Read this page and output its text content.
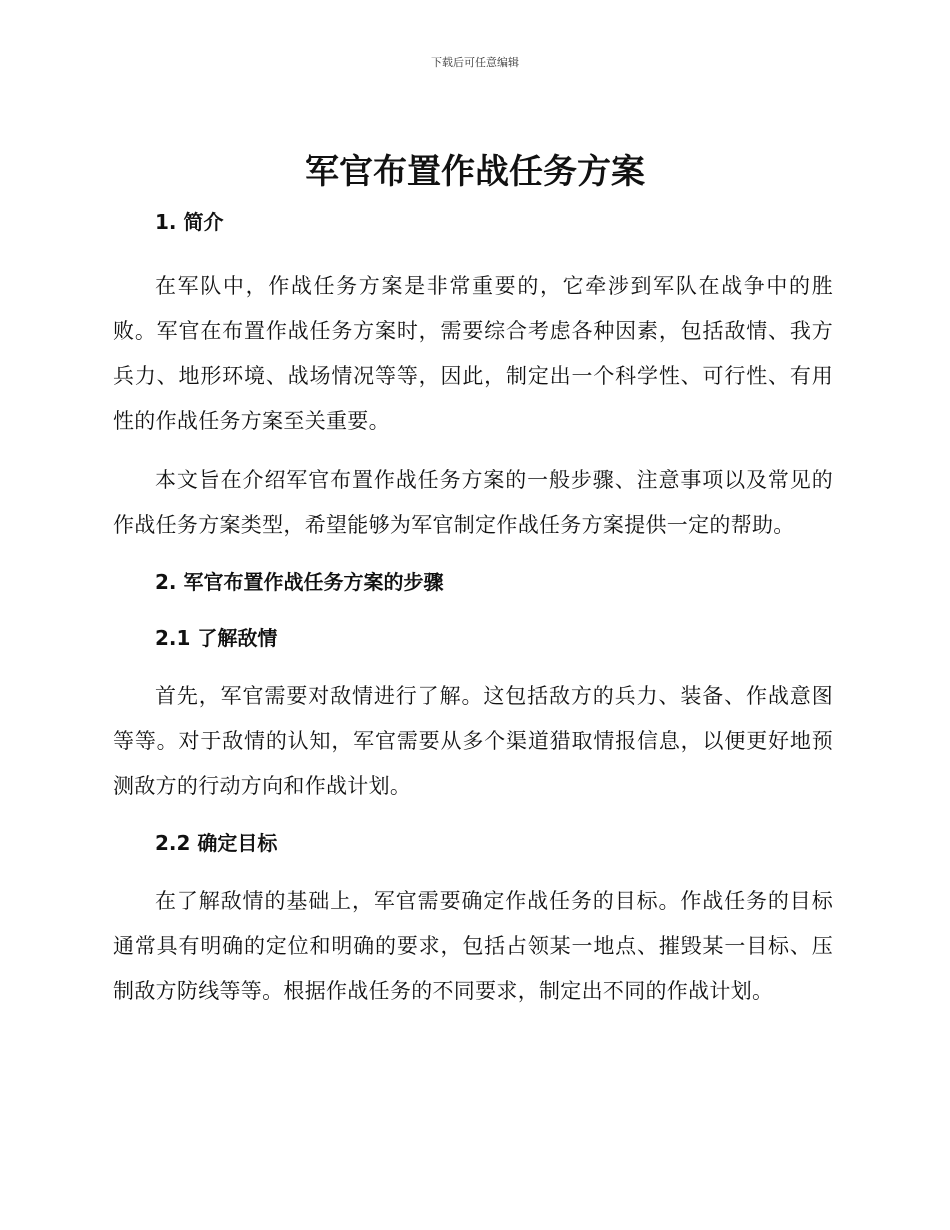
下载后可任意编辑
军官布置作战任务方案
1. 简介

在军队中，作战任务方案是非常重要的，它牵涉到军队在战争中的胜败。军官在布置作战任务方案时，需要综合考虑各种因素，包括敌情、我方兵力、地形环境、战场情况等等，因此，制定出一个科学性、可行性、有用性的作战任务方案至关重要。

本文旨在介绍军官布置作战任务方案的一般步骤、注意事项以及常见的作战任务方案类型，希望能够为军官制定作战任务方案提供一定的帮助。

2. 军官布置作战任务方案的步骤
2.1 了解敌情

首先，军官需要对敌情进行了解。这包括敌方的兵力、装备、作战意图等等。对于敌情的认知，军官需要从多个渠道猎取情报信息，以便更好地预测敌方的行动方向和作战计划。

2.2 确定目标

在了解敌情的基础上，军官需要确定作战任务的目标。作战任务的目标通常具有明确的定位和明确的要求，包括占领某一地点、摧毁某一目标、压制敌方防线等等。根据作战任务的不同要求，制定出不同的作战计划。
